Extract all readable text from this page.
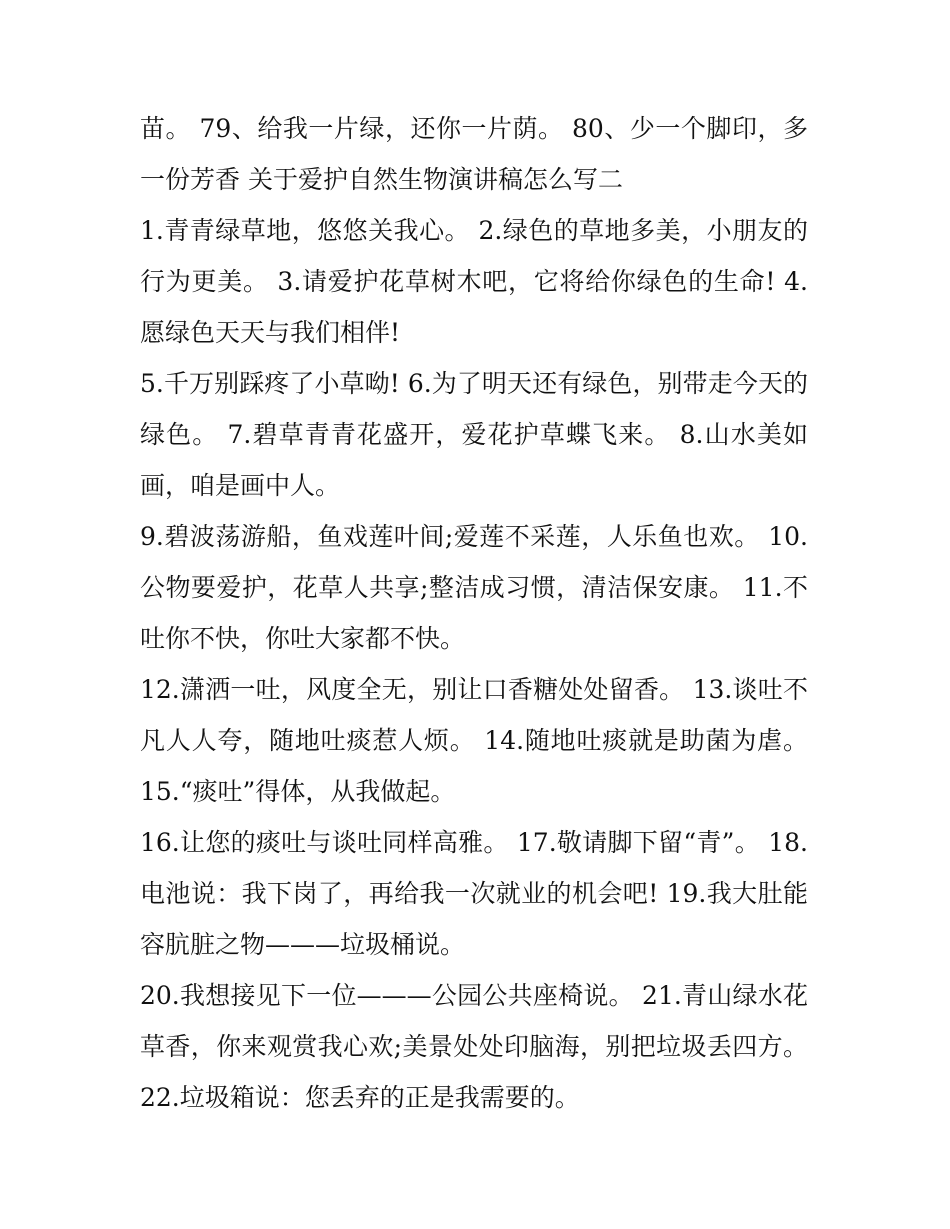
苗。 79、给我一片绿，还你一片荫。 80、少一个脚印，多一份芳香 关于爱护自然生物演讲稿怎么写二

1.青青绿草地，悠悠关我心。 2.绿色的草地多美，小朋友的行为更美。 3.请爱护花草树木吧，它将给你绿色的生命! 4.愿绿色天天与我们相伴!

5.千万别踩疼了小草呦! 6.为了明天还有绿色，别带走今天的绿色。 7.碧草青青花盛开，爱花护草蝶飞来。 8.山水美如画，咱是画中人。

9.碧波荡游船，鱼戏莲叶间;爱莲不采莲，人乐鱼也欢。 10.公物要爱护，花草人共享;整洁成习惯，清洁保安康。 11.不吐你不快，你吐大家都不快。

12.潇洒一吐，风度全无，别让口香糖处处留香。 13.谈吐不凡人人夸，随地吐痰惹人烦。 14.随地吐痰就是助菌为虐。 15.“痰吐”得体，从我做起。

16.让您的痰吐与谈吐同样高雅。 17.敬请脚下留“青”。 18.电池说：我下岗了，再给我一次就业的机会吧! 19.我大肚能容肮脏之物———垃圾桶说。

20.我想接见下一位———公园公共座椅说。 21.青山绿水花草香，你来观赏我心欢;美景处处印脑海，别把垃圾丢四方。 22.垃圾箱说：您丢弃的正是我需要的。
